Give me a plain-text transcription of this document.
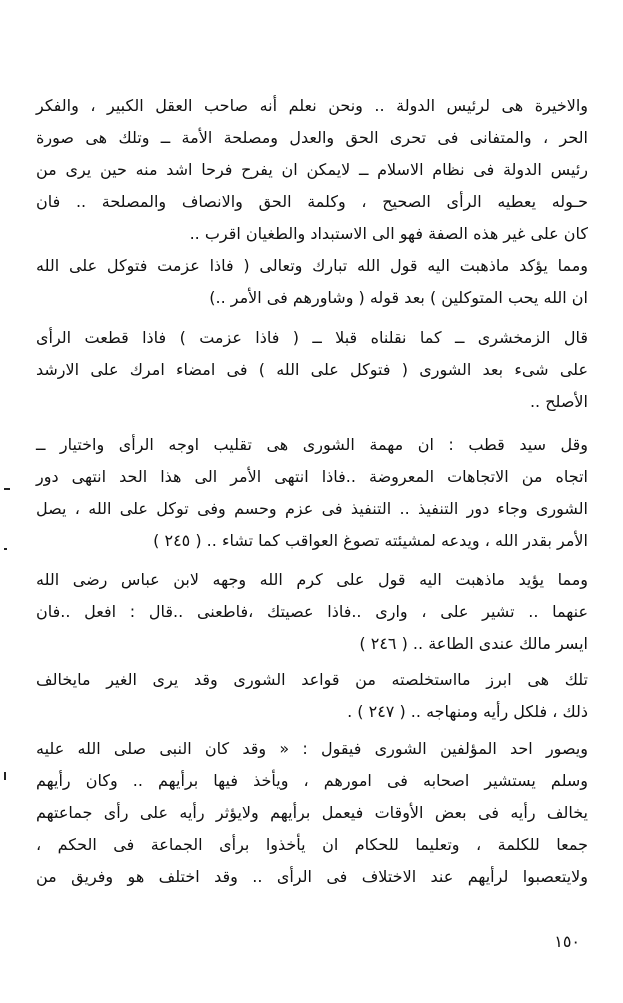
والاخيرة هى لرئيس الدولة .. ونحن نعلم أنه صاحب العقل الكبير ، والفكر
الحر ، والمتفانى فى تحرى الحق والعدل ومصلحة الأمة ــ وتلك هى صورة
رئيس الدولة فى نظام الاسلام ــ لايمكن ان يفرح فرحا اشد منه حين يرى من
حـوله يعطيه الرأى الصحيح ، وكلمة الحق والانصاف والمصلحة .. فان
كان على غير هذه الصفة فهو الى الاستبداد والطغيان اقرب ..
ومما يؤكد ماذهبت اليه قول الله تبارك وتعالى ( فاذا عزمت فتوكل على الله
ان الله يحب المتوكلين ) بعد قوله ( وشاورهم فى الأمر ..)
قال الزمخشرى ــ كما نقلناه قبلا ــ ( فاذا عزمت ) فاذا قطعت الرأى
على شىء بعد الشورى ( فتوكل على الله ) فى امضاء امرك على الارشد
الأصلح ..
وقل سيد قطب : ان مهمة الشورى هى تقليب اوجه الرأى واختيار ــ
اتجاه من الاتجاهات المعروضة ..فاذا انتهى الأمر الى هذا الحد انتهى دور
الشورى وجاء دور التنفيذ .. التنفيذ فى عزم وحسم وفى توكل على الله ، يصل
الأمر بقدر الله ، ويدعه لمشيئته تصوغ العواقب كما تشاء .. ( ٢٤٥ )
ومما يؤيد ماذهبت اليه قول على كرم الله وجهه لابن عباس رضى الله
عنهما .. تشير على ، وارى ..فاذا عصيتك ،فاطعنى ..قال : افعل ..فان
ايسر مالك عندى الطاعة .. ( ٢٤٦ )
تلك هى ابرز مااستخلصته من قواعد الشورى وقد يرى الغير مايخالف
ذلك ، فلكل رأيه ومنهاجه .. ( ٢٤٧ ) .
ويصور احد المؤلفين الشورى فيقول : « وقد كان النبى صلى الله عليه
وسلم يستشير اصحابه فى امورهم ، ويأخذ فيها برأيهم .. وكان رأيهم
يخالف رأيه فى بعض الأوقات فيعمل برأيهم ولايؤثر رأيه على رأى جماعتهم
جمعا للكلمة ، وتعليما للحكام ان يأخذوا برأى الجماعة فى الحكم ،
ولايتعصبوا لرأيهم عند الاختلاف فى الرأى .. وقد اختلف هو وفريق من
١٥٠
